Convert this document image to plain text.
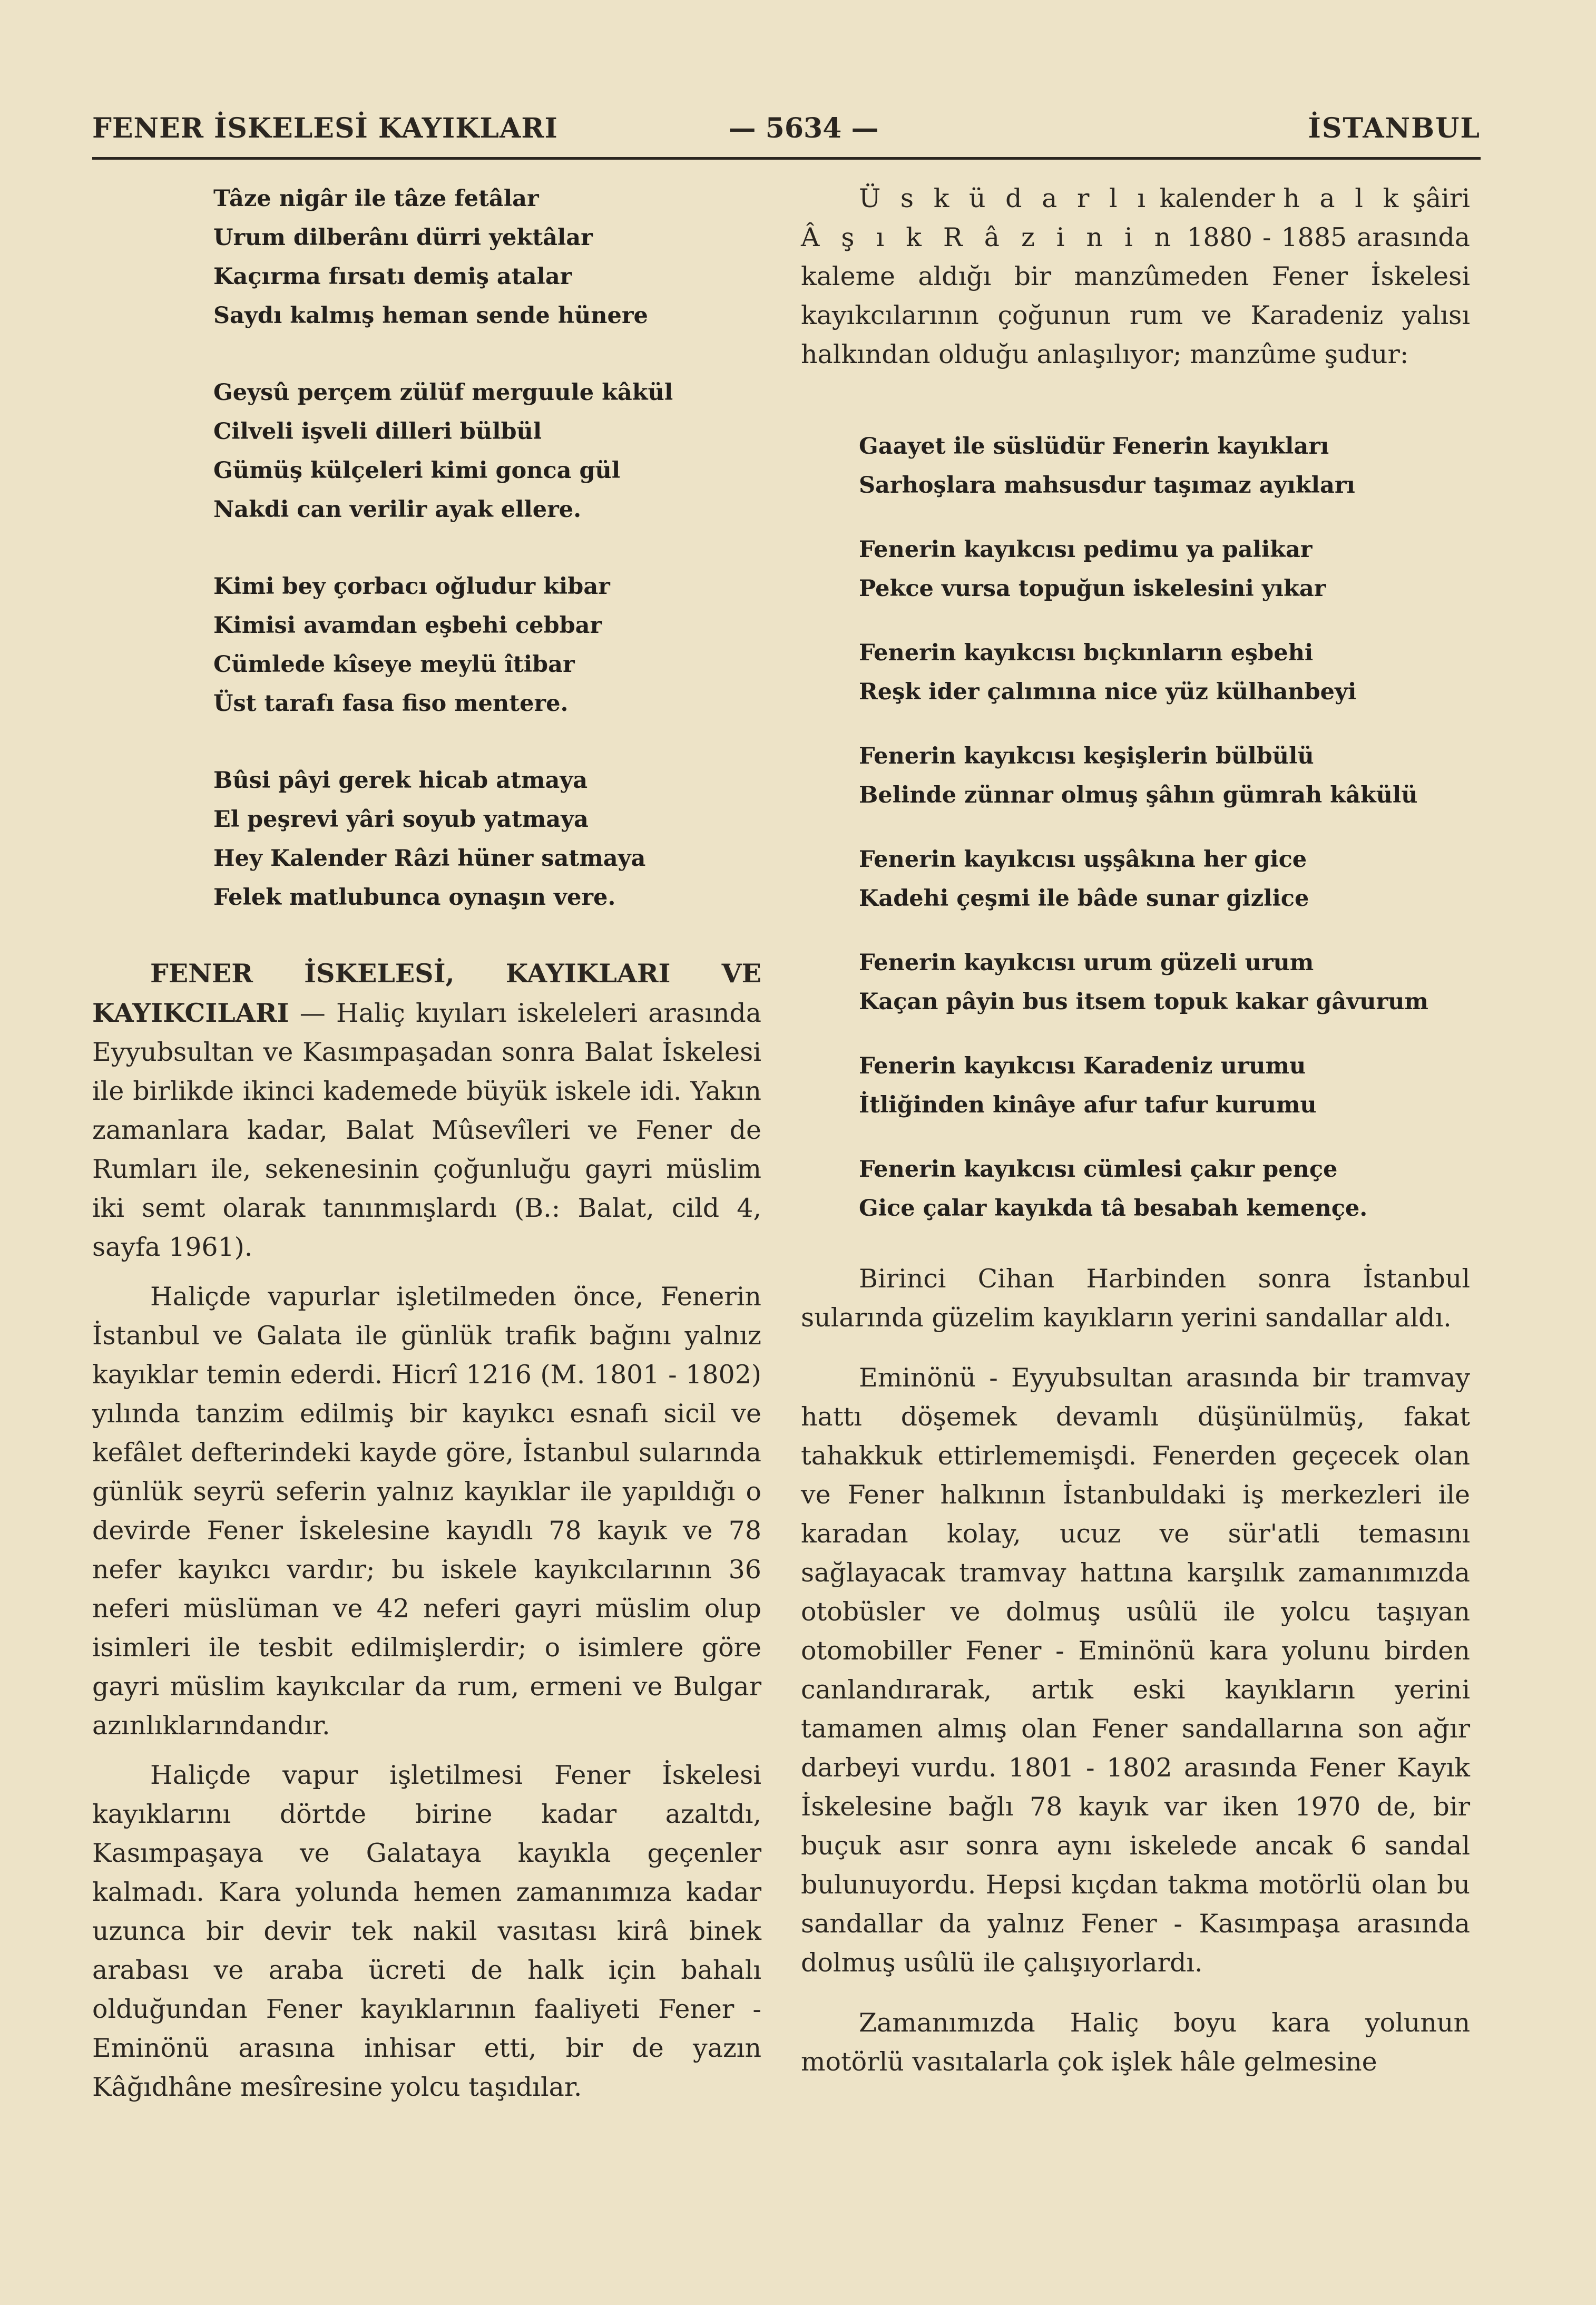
FENER İSKELESİ KAYIKLARI	— 5634 —	İSTANBUL
Tâze nigâr ile tâze fetâlar
Urum dilberânı dürri yektâlar
Kaçırma fırsatı demiş atalar
Saydı kalmış heman sende hünere
Geysû perçem zülüf merguule kâkül
Cilveli işveli dilleri bülbül
Gümüş külçeleri kimi gonca gül
Nakdi can verilir ayak ellere.
Kimi bey çorbacı oğludur kibar
Kimisi avamdan eşbehi cebbar
Cümlede kîseye meylü îtibar
Üst tarafı fasa fiso mentere.
Bûsi pâyi gerek hicab atmaya
El peşrevi yâri soyub yatmaya
Hey Kalender Râzi hüner satmaya
Felek matlubunca oynaşın vere.

FENER İSKELESİ, KAYIKLARI VE KAYIKCILARI — Haliç kıyıları iskeleleri arasında Eyyubsultan ve Kasımpaşadan sonra Balat İskelesi ile birlikde ikinci kademede büyük iskele idi. Yakın zamanlara kadar, Balat Mûsevîleri ve Fener de Rumları ile, sekenesinin çoğunluğu gayri müslim iki semt olarak tanınmışlardı (B.: Balat, cild 4, sayfa 1961).

Haliçde vapurlar işletilmeden önce, Fenerin İstanbul ve Galata ile günlük trafik bağını yalnız kayıklar temin ederdi. Hicrî 1216 (M. 1801 - 1802) yılında tanzim edilmiş bir kayıkcı esnafı sicil ve kefâlet defterindeki kayde göre, İstanbul sularında günlük seyrü seferin yalnız kayıklar ile yapıldığı o devirde Fener İskelesine kayıdlı 78 kayık ve 78 nefer kayıkcı vardır; bu iskele kayıkcılarının 36 neferi müslüman ve 42 neferi gayri müslim olup isimleri ile tesbit edilmişlerdir; o isimlere göre gayri müslim kayıkcılar da rum, ermeni ve Bulgar azınlıklarındandır.

Haliçde vapur işletilmesi Fener İskelesi kayıklarını dörtde birine kadar azaltdı, Kasımpaşaya ve Galataya kayıkla geçenler kalmadı. Kara yolunda hemen zamanımıza kadar uzunca bir devir tek nakil vasıtası kirâ binek arabası ve araba ücreti de halk için bahalı olduğundan Fener kayıklarının faaliyeti Fener - Eminönü arasına inhisar etti, bir de yazın Kâğıdhâne mesîresine yolcu taşıdılar.

Ü s k ü d a r l ı kalender h a l k şâiri Â ş ı k R â z i n i n 1880 - 1885 arasında kaleme aldığı bir manzûmeden Fener İskelesi kayıkcılarının çoğunun rum ve Karadeniz yalısı halkından olduğu anlaşılıyor; manzûme şudur:

Gaayet ile süslüdür Fenerin kayıkları
Sarhoşlara mahsusdur taşımaz ayıkları
Fenerin kayıkcısı pedimu ya palikar
Pekce vursa topuğun iskelesini yıkar
Fenerin kayıkcısı bıçkınların eşbehi
Reşk ider çalımına nice yüz külhanbeyi
Fenerin kayıkcısı keşişlerin bülbülü
Belinde zünnar olmuş şâhın gümrah kâkülü
Fenerin kayıkcısı uşşâkına her gice
Kadehi çeşmi ile bâde sunar gizlice
Fenerin kayıkcısı urum güzeli urum
Kaçan pâyin bus itsem topuk kakar gâvurum
Fenerin kayıkcısı Karadeniz urumu
İtliğinden kinâye afur tafur kurumu
Fenerin kayıkcısı cümlesi çakır pençe
Gice çalar kayıkda tâ besabah kemençe.

Birinci Cihan Harbinden sonra İstanbul sularında güzelim kayıkların yerini sandallar aldı.

Eminönü - Eyyubsultan arasında bir tramvay hattı döşemek devamlı düşünülmüş, fakat tahakkuk ettirlememişdi. Fenerden geçecek olan ve Fener halkının İstanbuldaki iş merkezleri ile karadan kolay, ucuz ve sür'atli temasını sağlayacak tramvay hattına karşılık zamanımızda otobüsler ve dolmuş usûlü ile yolcu taşıyan otomobiller Fener - Eminönü kara yolunu birden canlandırarak, artık eski kayıkların yerini tamamen almış olan Fener sandallarına son ağır darbeyi vurdu. 1801 - 1802 arasında Fener Kayık İskelesine bağlı 78 kayık var iken 1970 de, bir buçuk asır sonra aynı iskelede ancak 6 sandal bulunuyordu. Hepsi kıçdan takma motörlü olan bu sandallar da yalnız Fener - Kasımpaşa arasında dolmuş usûlü ile çalışıyorlardı.

Zamanımızda Haliç boyu kara yolunun motörlü vasıtalarla çok işlek hâle gelmesine
